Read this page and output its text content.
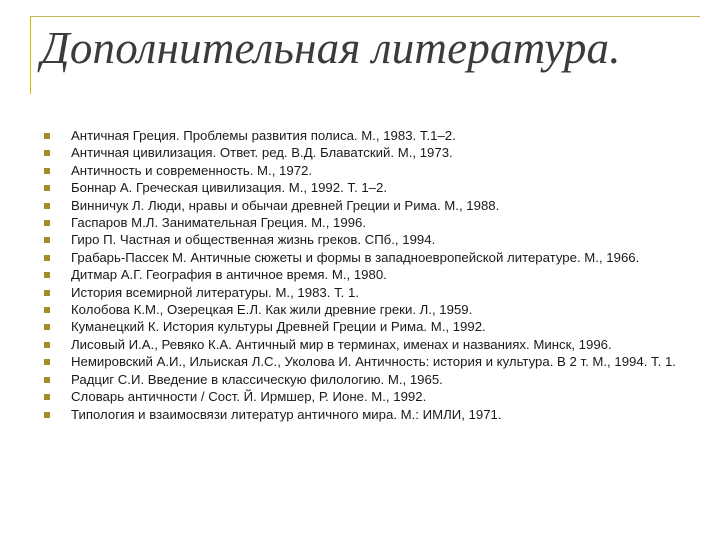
Дополнительная литература.
Античная Греция. Проблемы развития полиса. М., 1983. Т.1–2.
Античная цивилизация. Ответ. ред. В.Д. Блаватский. М., 1973.
Античность и современность. М., 1972.
Боннар А. Греческая цивилизация. М., 1992. Т. 1–2.
Винничук Л. Люди, нравы и обычаи древней Греции и Рима. М., 1988.
Гаспаров М.Л. Занимательная Греция. М., 1996.
Гиро П. Частная и общественная жизнь греков. СПб., 1994.
Грабарь-Пассек М. Античные сюжеты и формы в западноевропейской литературе. М., 1966.
Дитмар А.Г. География в античное время. М., 1980.
История всемирной литературы. М., 1983. Т. 1.
Колобова К.М., Озерецкая Е.Л. Как жили древние греки. Л., 1959.
Куманецкий К. История культуры Древней Греции и Рима. М., 1992.
Лисовый И.А., Ревяко К.А. Античный мир в терминах, именах и названиях. Минск, 1996.
Немировский А.И., Ильиская Л.С., Уколова И. Античность: история и культура. В 2 т. М., 1994. Т. 1.
Радциг С.И. Введение в классическую филологию. М., 1965.
Словарь античности / Сост. Й. Ирмшер, Р. Ионе. М., 1992.
Типология и взаимосвязи литератур античного мира. М.: ИМЛИ, 1971.
